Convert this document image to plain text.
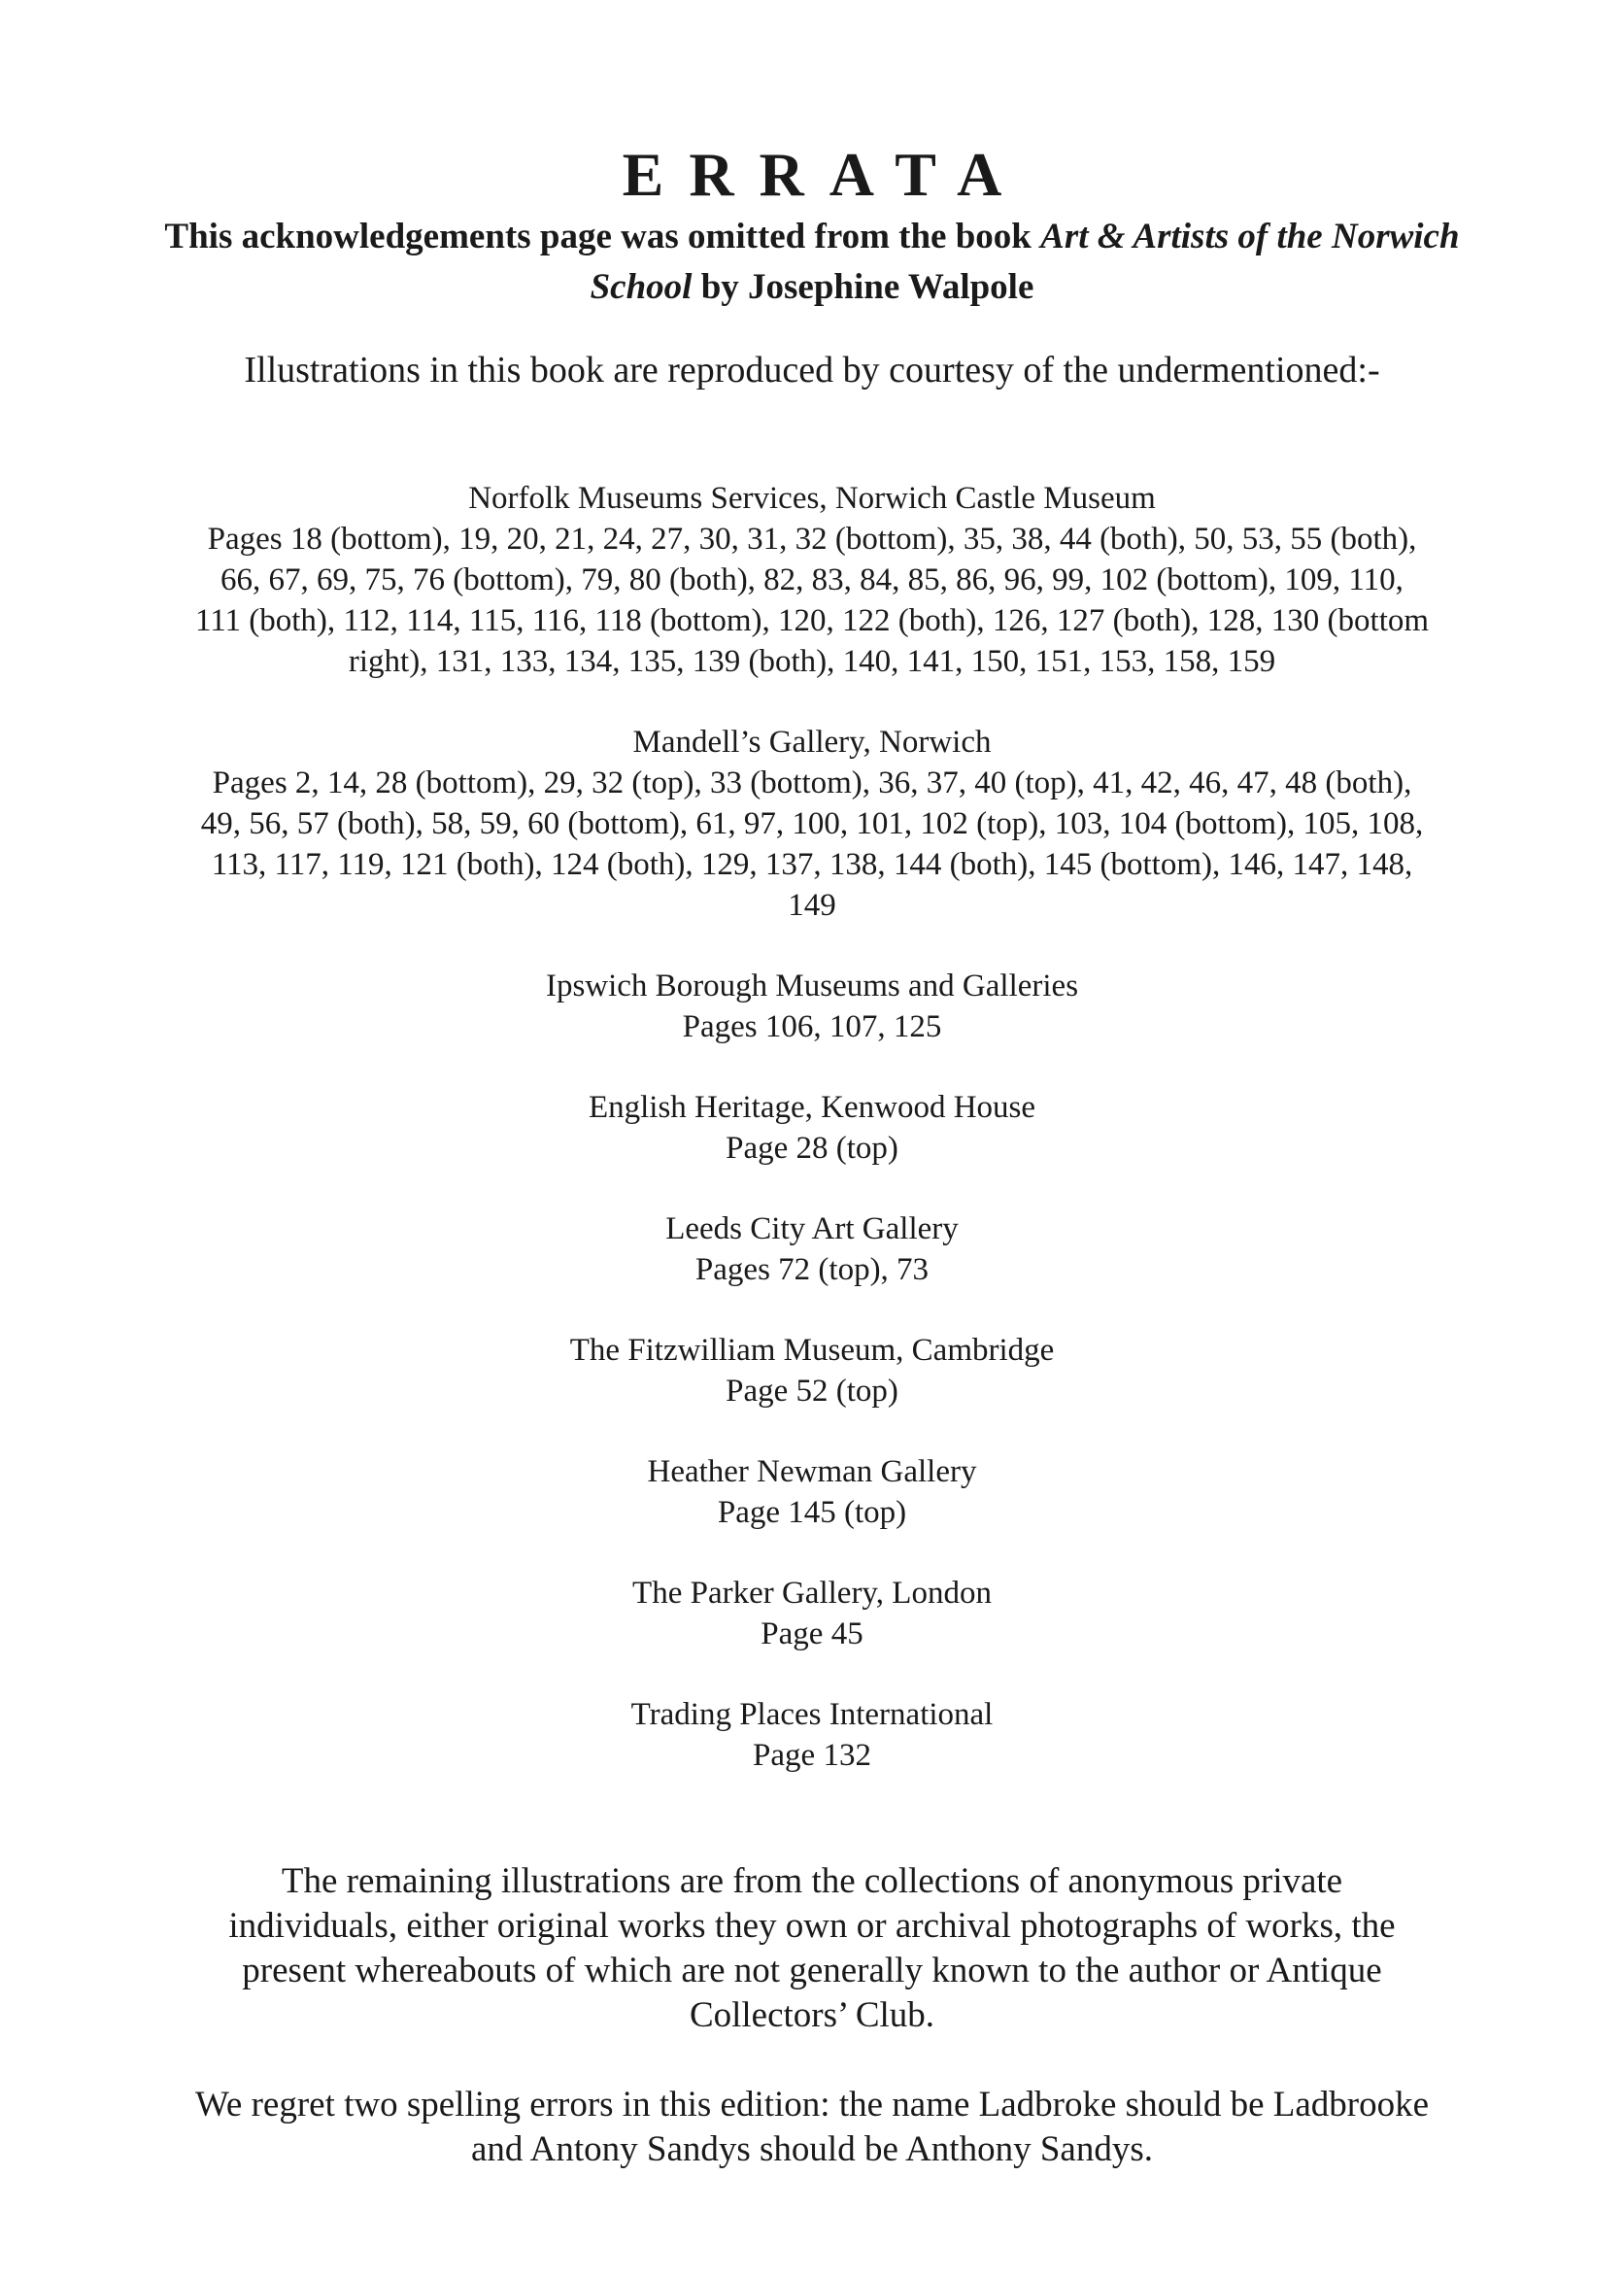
ERRATA
This acknowledgements page was omitted from the book Art & Artists of the Norwich School by Josephine Walpole
Illustrations in this book are reproduced by courtesy of the undermentioned:-
Norfolk Museums Services, Norwich Castle Museum
Pages 18 (bottom), 19, 20, 21, 24, 27, 30, 31, 32 (bottom), 35, 38, 44 (both), 50, 53, 55 (both), 66, 67, 69, 75, 76 (bottom), 79, 80 (both), 82, 83, 84, 85, 86, 96, 99, 102 (bottom), 109, 110, 111 (both), 112, 114, 115, 116, 118 (bottom), 120, 122 (both), 126, 127 (both), 128, 130 (bottom right), 131, 133, 134, 135, 139 (both), 140, 141, 150, 151, 153, 158, 159
Mandell’s Gallery, Norwich
Pages 2, 14, 28 (bottom), 29, 32 (top), 33 (bottom), 36, 37, 40 (top), 41, 42, 46, 47, 48 (both), 49, 56, 57 (both), 58, 59, 60 (bottom), 61, 97, 100, 101, 102 (top), 103, 104 (bottom), 105, 108, 113, 117, 119, 121 (both), 124 (both), 129, 137, 138, 144 (both), 145 (bottom), 146, 147, 148, 149
Ipswich Borough Museums and Galleries
Pages 106, 107, 125
English Heritage, Kenwood House
Page 28 (top)
Leeds City Art Gallery
Pages 72 (top), 73
The Fitzwilliam Museum, Cambridge
Page 52 (top)
Heather Newman Gallery
Page 145 (top)
The Parker Gallery, London
Page 45
Trading Places International
Page 132
The remaining illustrations are from the collections of anonymous private individuals, either original works they own or archival photographs of works, the present whereabouts of which are not generally known to the author or Antique Collectors’ Club.
We regret two spelling errors in this edition: the name Ladbroke should be Ladbrooke and Antony Sandys should be Anthony Sandys.
